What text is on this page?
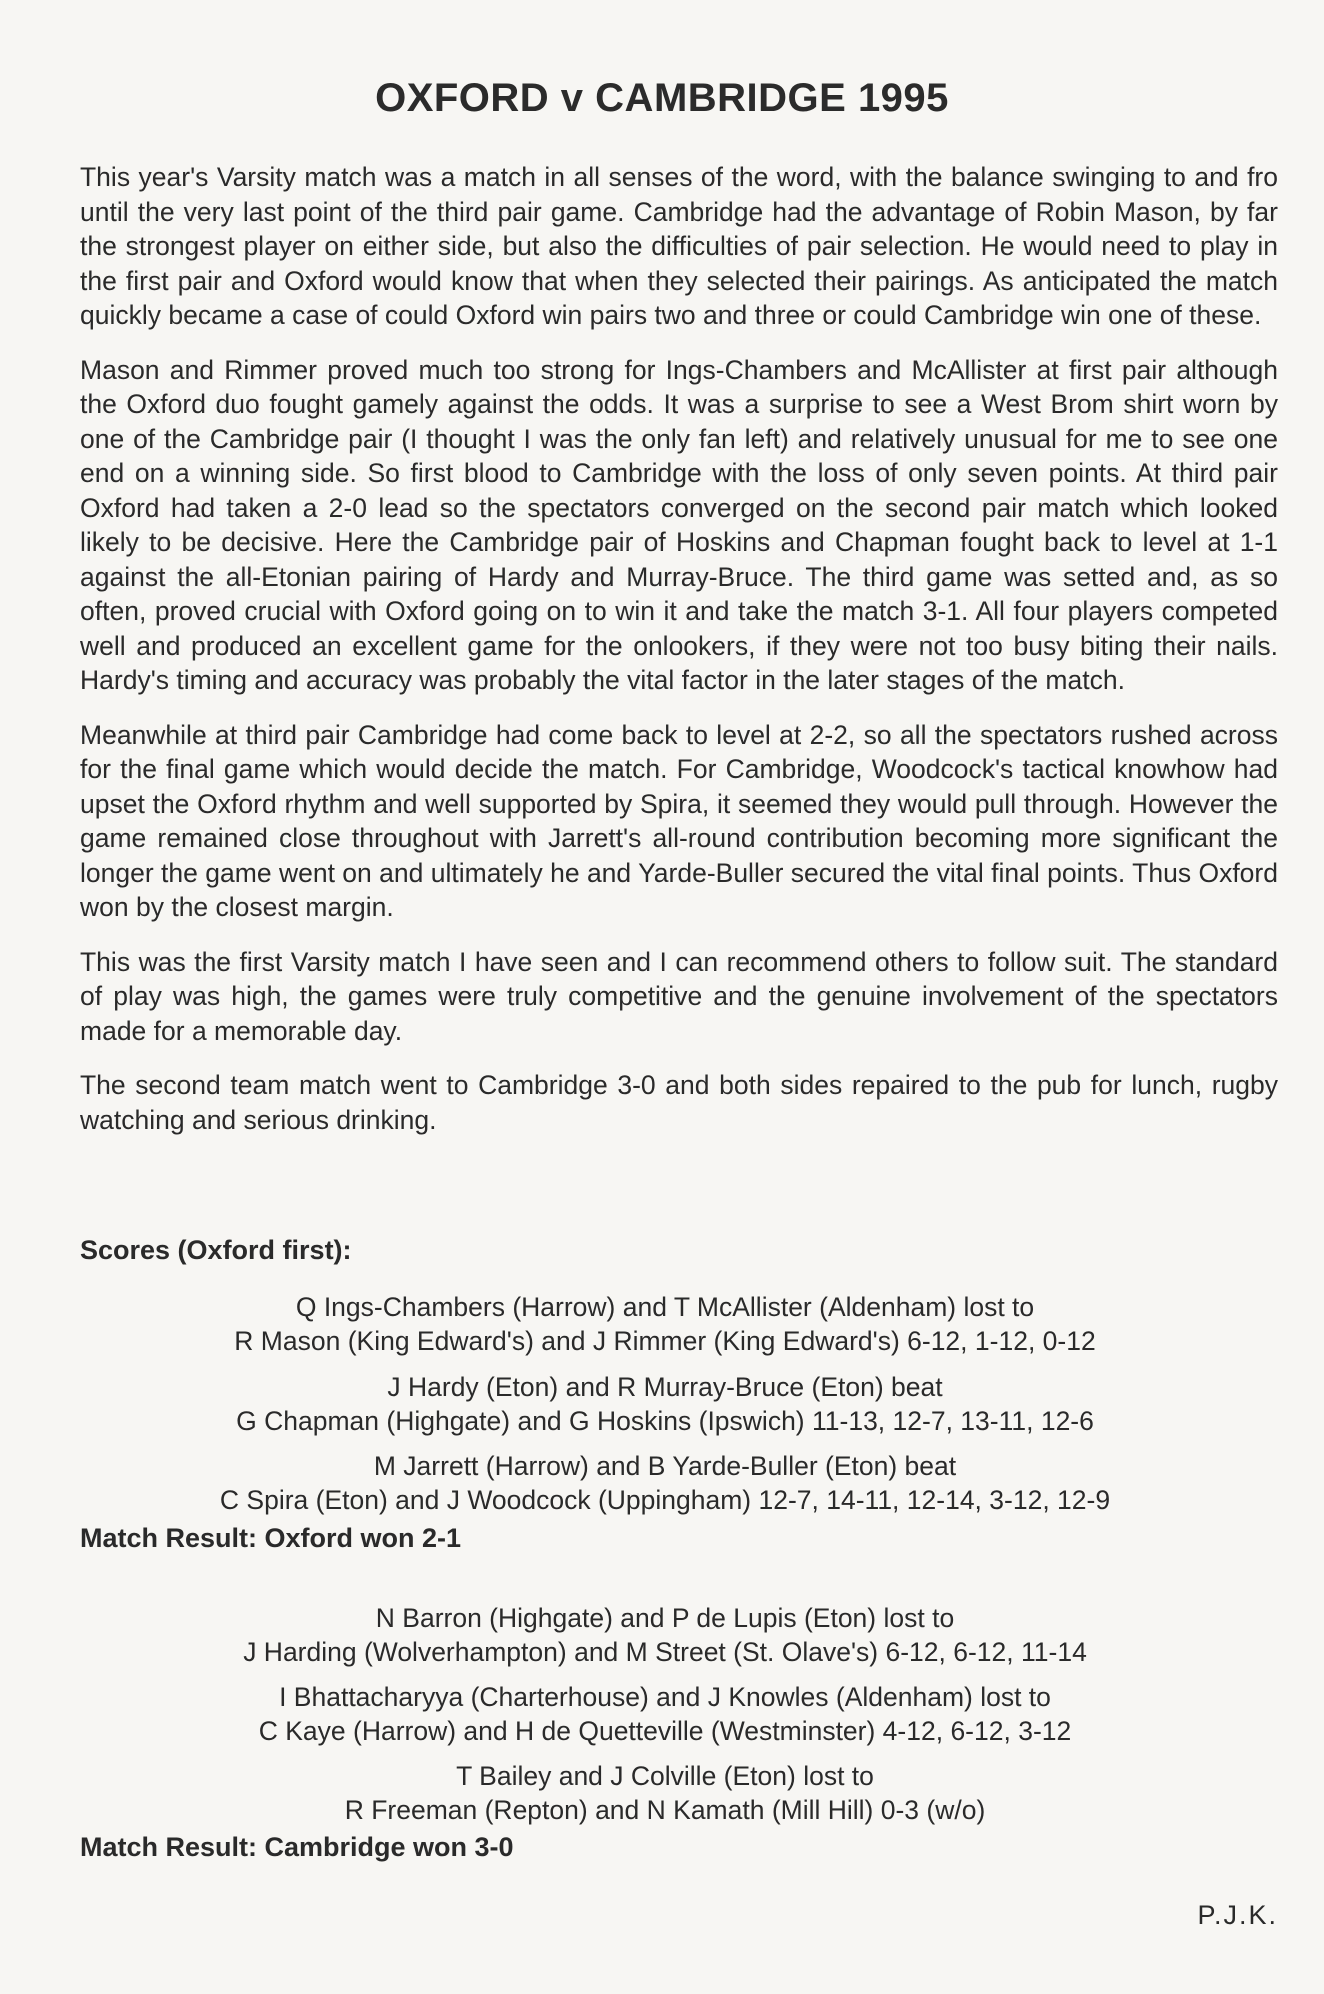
OXFORD v CAMBRIDGE 1995

This year's Varsity match was a match in all senses of the word, with the balance swinging to and fro until the very last point of the third pair game. Cambridge had the advantage of Robin Mason, by far the strongest player on either side, but also the difficulties of pair selection. He would need to play in the first pair and Oxford would know that when they selected their pairings. As anticipated the match quickly became a case of could Oxford win pairs two and three or could Cambridge win one of these.

Mason and Rimmer proved much too strong for Ings-Chambers and McAllister at first pair although the Oxford duo fought gamely against the odds. It was a surprise to see a West Brom shirt worn by one of the Cambridge pair (I thought I was the only fan left) and relatively unusual for me to see one end on a winning side. So first blood to Cambridge with the loss of only seven points. At third pair Oxford had taken a 2-0 lead so the spectators converged on the second pair match which looked likely to be decisive. Here the Cambridge pair of Hoskins and Chapman fought back to level at 1-1 against the all-Etonian pairing of Hardy and Murray-Bruce. The third game was setted and, as so often, proved crucial with Oxford going on to win it and take the match 3-1. All four players competed well and produced an excellent game for the onlookers, if they were not too busy biting their nails. Hardy's timing and accuracy was probably the vital factor in the later stages of the match.

Meanwhile at third pair Cambridge had come back to level at 2-2, so all the spectators rushed across for the final game which would decide the match. For Cambridge, Woodcock's tactical knowhow had upset the Oxford rhythm and well supported by Spira, it seemed they would pull through. However the game remained close throughout with Jarrett's all-round contribution becoming more significant the longer the game went on and ultimately he and Yarde-Buller secured the vital final points. Thus Oxford won by the closest margin.

This was the first Varsity match I have seen and I can recommend others to follow suit. The standard of play was high, the games were truly competitive and the genuine involvement of the spectators made for a memorable day.

The second team match went to Cambridge 3-0 and both sides repaired to the pub for lunch, rugby watching and serious drinking.

Scores (Oxford first):

Q Ings-Chambers (Harrow) and T McAllister (Aldenham) lost to
R Mason (King Edward's) and J Rimmer (King Edward's) 6-12, 1-12, 0-12
J Hardy (Eton) and R Murray-Bruce (Eton) beat
G Chapman (Highgate) and G Hoskins (Ipswich) 11-13, 12-7, 13-11, 12-6
M Jarrett (Harrow) and B Yarde-Buller (Eton) beat
C Spira (Eton) and J Woodcock (Uppingham) 12-7, 14-11, 12-14, 3-12, 12-9

Match Result: Oxford won 2-1

N Barron (Highgate) and P de Lupis (Eton) lost to
J Harding (Wolverhampton) and M Street (St. Olave's) 6-12, 6-12, 11-14
I Bhattacharyya (Charterhouse) and J Knowles (Aldenham) lost to
C Kaye (Harrow) and H de Quetteville (Westminster) 4-12, 6-12, 3-12
T Bailey and J Colville (Eton) lost to
R Freeman (Repton) and N Kamath (Mill Hill) 0-3 (w/o)

Match Result: Cambridge won 3-0

P.J.K.
